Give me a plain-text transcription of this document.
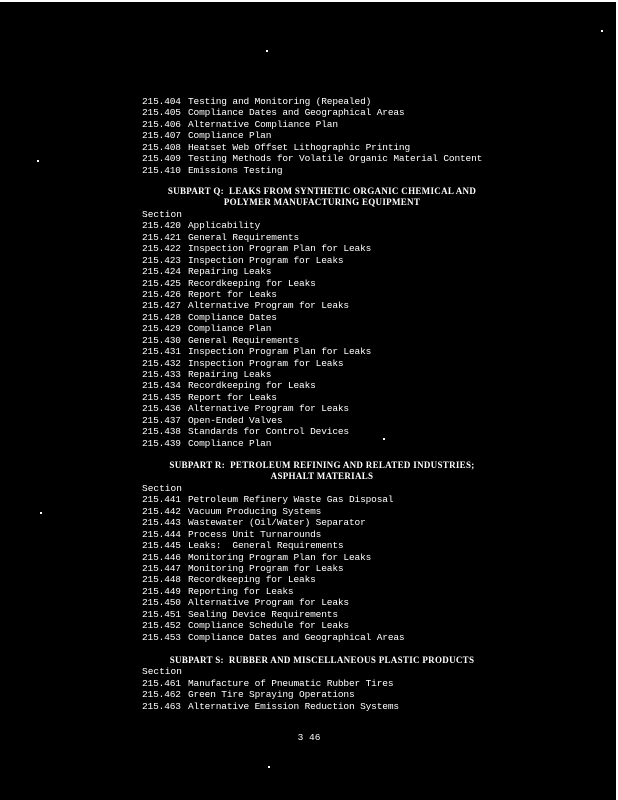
215.404 Testing and Monitoring (Repealed)
215.405 Compliance Dates and Geographical Areas
215.406 Alternative Compliance Plan
215.407 Compliance Plan
215.408 Heatset Web Offset Lithographic Printing
215.409 Testing Methods for Volatile Organic Material Content
215.410 Emissions Testing
SUBPART Q:  LEAKS FROM SYNTHETIC ORGANIC CHEMICAL AND
POLYMER MANUFACTURING EQUIPMENT
Section
215.420 Applicability
215.421 General Requirements
215.422 Inspection Program Plan for Leaks
215.423 Inspection Program for Leaks
215.424 Repairing Leaks
215.425 Recordkeeping for Leaks
215.426 Report for Leaks
215.427 Alternative Program for Leaks
215.428 Compliance Dates
215.429 Compliance Plan
215.430 General Requirements
215.431 Inspection Program Plan for Leaks
215.432 Inspection Program for Leaks
215.433 Repairing Leaks
215.434 Recordkeeping for Leaks
215.435 Report for Leaks
215.436 Alternative Program for Leaks
215.437 Open-Ended Valves
215.438 Standards for Control Devices
215.439 Compliance Plan
SUBPART R:  PETROLEUM REFINING AND RELATED INDUSTRIES;
ASPHALT MATERIALS
Section
215.441 Petroleum Refinery Waste Gas Disposal
215.442 Vacuum Producing Systems
215.443 Wastewater (Oil/Water) Separator
215.444 Process Unit Turnarounds
215.445 Leaks:  General Requirements
215.446 Monitoring Program Plan for Leaks
215.447 Monitoring Program for Leaks
215.448 Recordkeeping for Leaks
215.449 Reporting for Leaks
215.450 Alternative Program for Leaks
215.451 Sealing Device Requirements
215.452 Compliance Schedule for Leaks
215.453 Compliance Dates and Geographical Areas
SUBPART S:  RUBBER AND MISCELLANEOUS PLASTIC PRODUCTS
Section
215.461 Manufacture of Pneumatic Rubber Tires
215.462 Green Tire Spraying Operations
215.463 Alternative Emission Reduction Systems
3 46
